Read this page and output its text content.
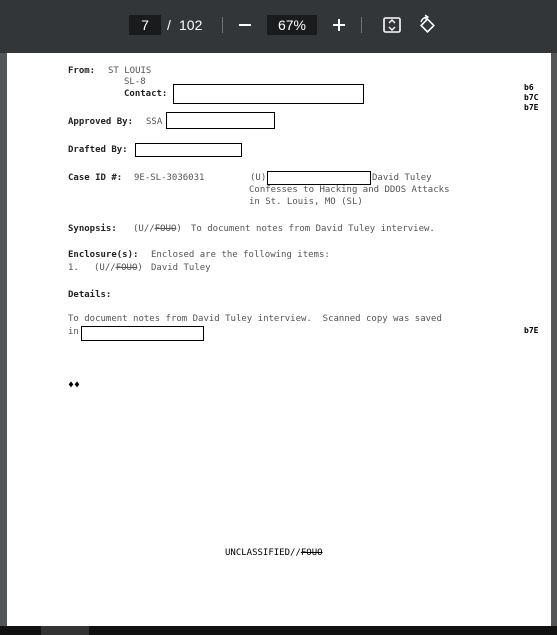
7	/ 102	67%
From: ST LOUIS
SL-8
Contact:
b6
b7C
b7E
Approved By: SSA
Drafted By:
Case ID #: 9E-SL-3036031	(U)	David Tuley
Confesses to Hacking and DDOS Attacks
in St. Louis, MO (SL)
Synopsis: (U//FOUO) To document notes from David Tuley interview.
Enclosure(s): Enclosed are the following items:
1. (U//FOUO) David Tuley
Details:
To document notes from David Tuley interview.  Scanned copy was saved
in	b7E
♦♦
UNCLASSIFIED//FOUO
